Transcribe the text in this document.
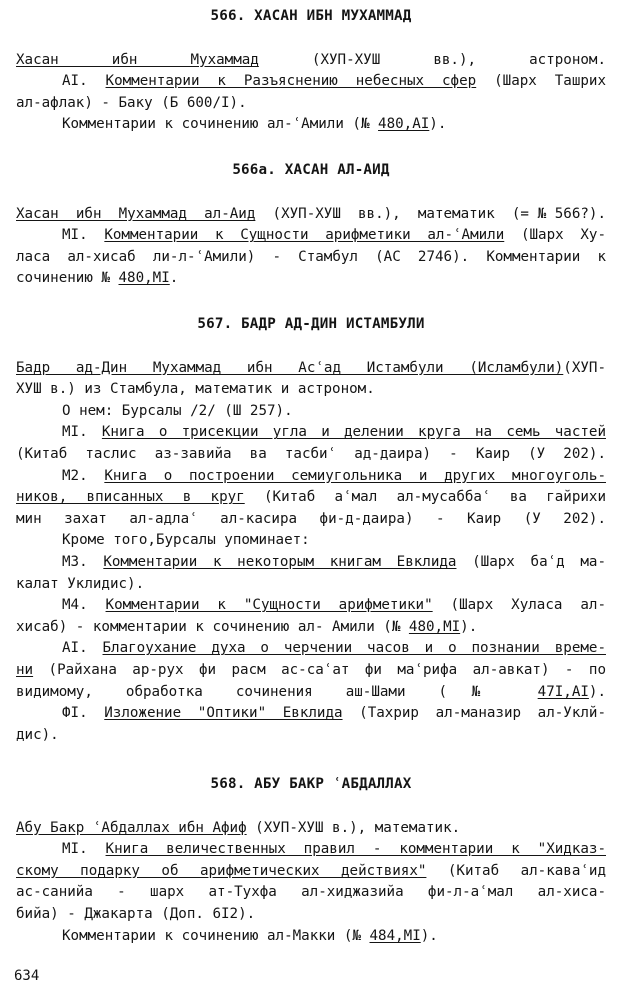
566. ХАСАН ИБН МУХАММАД
Хасан ибн Мухаммад (ХУП-ХУШ вв.), астроном.
AI. Комментарии к Разъяснению небесных сфер (Шарх Ташрих
ал-афлак) - Баку (Б 600/I).
Комментарии к сочинению ал-ʿАмили (№ 480,AI).
566а. ХАСАН АЛ-АИД
Хасан ибн Мухаммад ал-Аид (ХУП-ХУШ вв.), математик (=№566?).
МI. Комментарии к Сущности арифметики ал-ʿАмили (Шарх Ху-
ласа ал-хисаб ли-л-ʿАмили) - Стамбул (АС 2746). Комментарии к
сочинению № 480,МI.
567. БАДР АД-ДИН ИСТАМБУЛИ
Бадр ад-Дин Мухаммад ибн Асʿад Истамбули (Исламбули)(ХУП-
ХУШ в.) из Стамбула, математик и астроном.
О нем: Бурсалы /2/ (Ш 257).
МI. Книга о трисекции угла и делении круга на семь частей
(Китаб таслис аз-завийа ва тасбиʿ ад-даира) - Каир (У 202).
М2. Книга о построении семиугольника и других многоуголь-
ников, вписанных в круг (Китаб аʿмал ал-мусаббаʿ ва гайрихи
мин захат ал-адлаʿ ал-касира фи-д-даира) - Каир (У 202).
Кроме того,Бурсалы упоминает:
М3. Комментарии к некоторым книгам Евклида (Шарх баʿд ма-
калат Уклидис).
М4. Комментарии к "Сущности арифметики" (Шарх Хуласа ал-
хисаб) - комментарии к сочинению ал- Амили (№ 480,МI).
AI. Благоухание духа о черчении часов и о познании време-
ни (Райхана ар-рух фи расм ас-саʿат фи маʿрифа ал-авкат) - по
видимому, обработка сочинения аш-Шами (№ 47I,AI).
ФI. Изложение "Оптики" Евклида (Тахрир ал-маназир ал-Уклй-
дис).
568. АБУ БАКР ʿАБДАЛЛАХ
Абу Бакр ʿАбдаллах ибн Афиф (ХУП-ХУШ в.), математик.
МI. Книга величественных правил - комментарии к "Хидказ-
скому подарку об арифметических действиях" (Китаб ал-каваʿид
ас-санийа - шарх ат-Тухфа ал-хиджазийа фи-л-аʿмал ал-хиса-
бийа) - Джакарта (Доп. 6I2).
Комментарии к сочинению ал-Макки (№ 484,МI).
634
